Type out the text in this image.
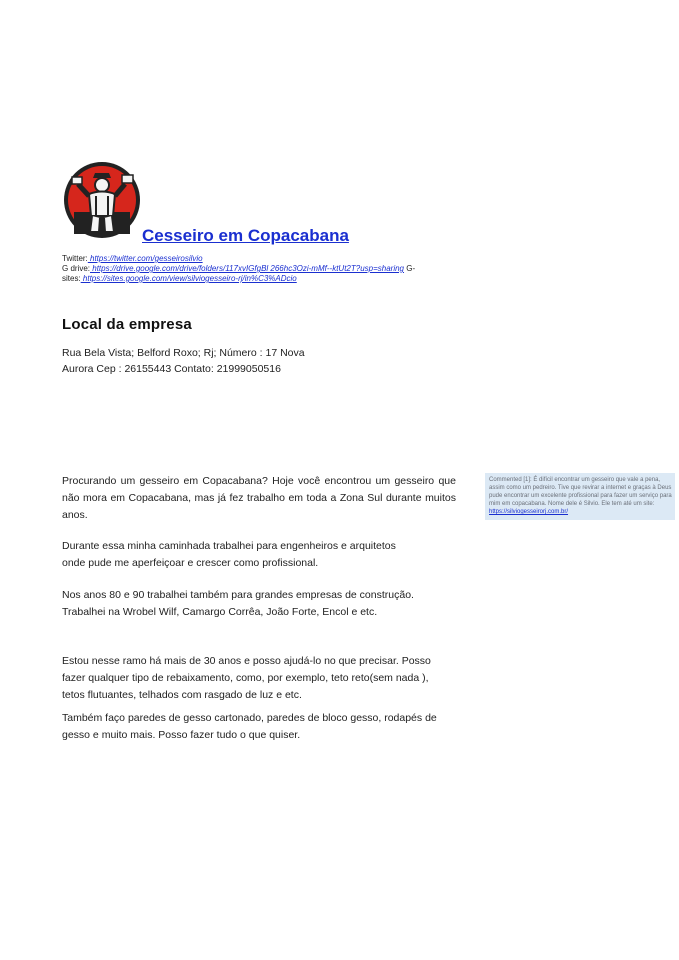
Cesseiro em Copacabana
Twitter: https://twitter.com/gesseirosilvio
G drive: https://drive.google.com/drive/folders/117xvIGfgBl 266hc3Ozi-mMf--ktUt2T?usp=sharing G-
sites: https://sites.google.com/view/silviogesseiro-rj/in%C3%ADcio
Local da empresa
Rua Bela Vista; Belford Roxo; Rj; Número : 17 Nova Aurora Cep : 26155443 Contato: 21999050516
Procurando um gesseiro em Copacabana? Hoje você encontrou um gesseiro que não mora em Copacabana, mas já fez trabalho em toda a Zona Sul durante muitos anos.
Durante essa minha caminhada trabalhei para engenheiros e arquitetos onde pude me aperfeiçoar e crescer como profissional.
Nos anos 80 e 90 trabalhei também para grandes empresas de construção. Trabalhei na Wrobel Wilf, Camargo Corrêa, João Forte, Encol e etc.
Estou nesse ramo há mais de 30 anos e posso ajudá-lo no que precisar. Posso fazer qualquer tipo de rebaixamento, como, por exemplo, teto reto(sem nada ), tetos flutuantes, telhados com rasgado de luz e etc.
Também faço paredes de gesso cartonado, paredes de bloco gesso, rodapés de gesso e muito mais. Posso fazer tudo o que quiser.
Commented [1]: É difícil encontrar um gesseiro que vale a pena, assim como um pedreiro. Tive que revirar a internet e graças à Deus pude encontrar um excelente profissional para fazer um serviço para mim em copacabana. Nome dele é Silvio. Ele tem até um site: https://silviogesseirorj.com.br/
